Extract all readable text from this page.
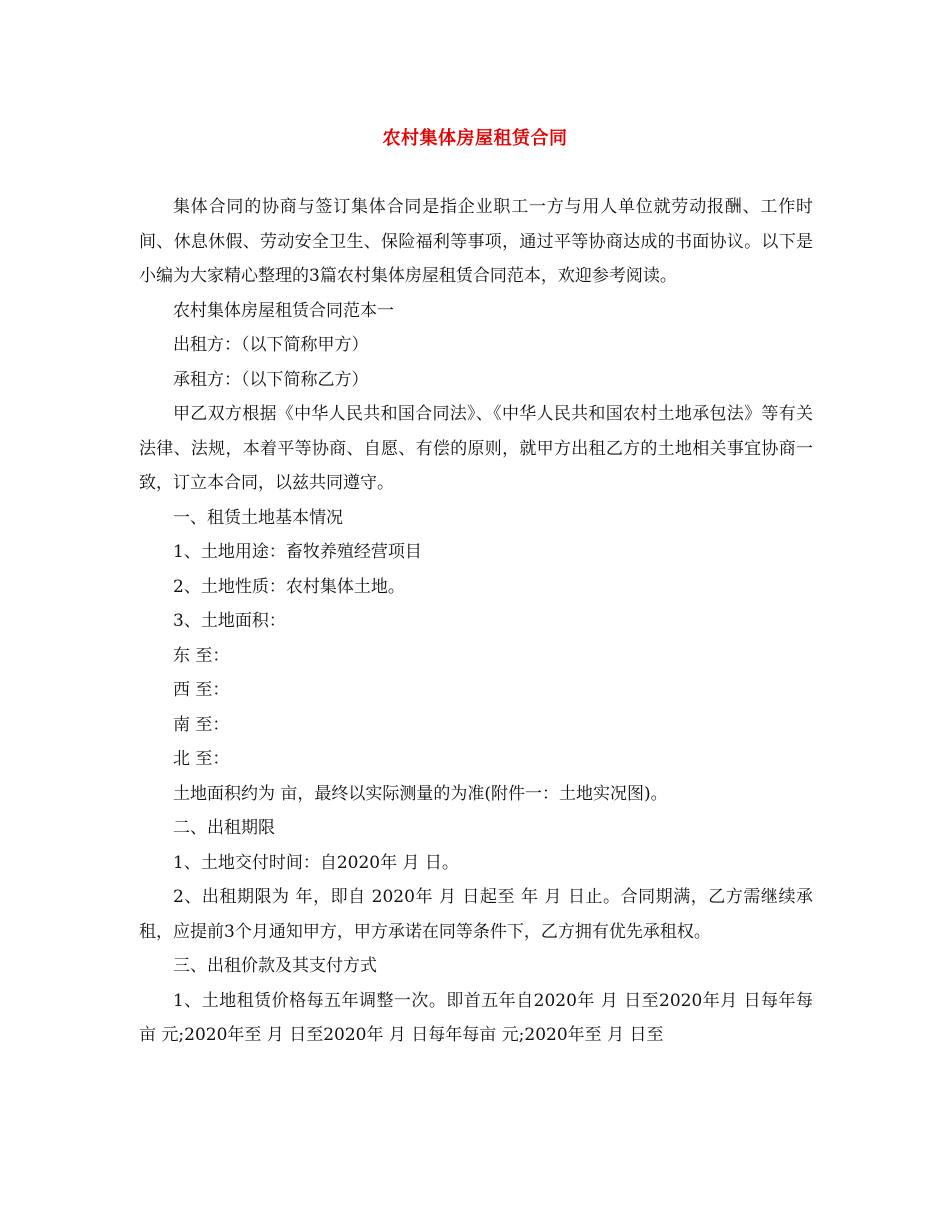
农村集体房屋租赁合同

集体合同的协商与签订集体合同是指企业职工一方与用人单位就劳动报酬、工作时间、休息休假、劳动安全卫生、保险福利等事项，通过平等协商达成的书面协议。以下是小编为大家精心整理的3篇农村集体房屋租赁合同范本，欢迎参考阅读。

农村集体房屋租赁合同范本一

出租方：（以下简称甲方）

承租方：（以下简称乙方）

甲乙双方根据《中华人民共和国合同法》、《中华人民共和国农村土地承包法》等有关法律、法规，本着平等协商、自愿、有偿的原则，就甲方出租乙方的土地相关事宜协商一致，订立本合同，以兹共同遵守。

一、租赁土地基本情况

1、土地用途：畜牧养殖经营项目

2、土地性质：农村集体土地。

3、土地面积：

东 至：

西 至：

南 至：

北 至：

土地面积约为 亩，最终以实际测量的为准(附件一：土地实况图)。

二、出租期限

1、土地交付时间：自2020年 月 日。

2、出租期限为 年，即自 2020年 月 日起至 年 月 日止。合同期满，乙方需继续承租，应提前3个月通知甲方，甲方承诺在同等条件下，乙方拥有优先承租权。

三、出租价款及其支付方式

1、土地租赁价格每五年调整一次。即首五年自2020年 月 日至2020年月 日每年每亩 元;2020年至 月 日至2020年 月 日每年每亩 元;2020年至 月 日至
